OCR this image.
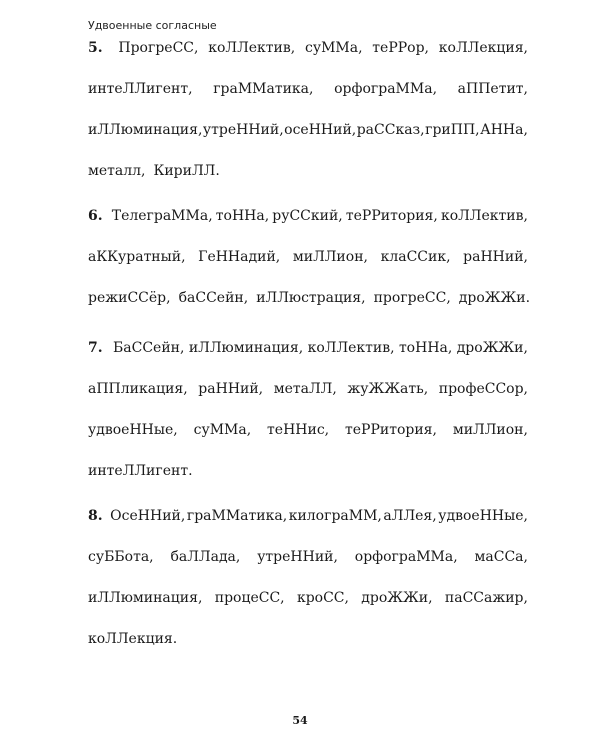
Удвоенные согласные
5. ПрогреСС, коЛЛектив, суММа, теРРор, коЛЛекция,
интеЛЛигент, граММатика, орфограММа, аППетит,
иЛЛюминация, утреННий, осеННий, раССказ, гриПП, АННа,
металл, КириЛЛ.
6. ТелеграММа, тоННа, руССкий, теРРитория, коЛЛектив,
аККуратный, ГеННадий, миЛЛион, клаССик, раННий,
режиССёр, баССейн, иЛЛюстрация, прогреСС, дроЖЖи.
7. БаССейн, иЛЛюминация, коЛЛектив, тоННа, дроЖЖи,
аППликация, раННий, метаЛЛ, жуЖЖать, профеССор,
удвоеННые, суММа, теННис, теРРитория, миЛЛион,
интеЛЛигент.
8. ОсеННий, граММатика, килограММ, аЛЛея, удвоеННые,
суББота, баЛЛада, утреННий, орфограММа, маССа,
иЛЛюминация, процеСС, кроСС, дроЖЖи, паССажир,
коЛЛекция.
54
